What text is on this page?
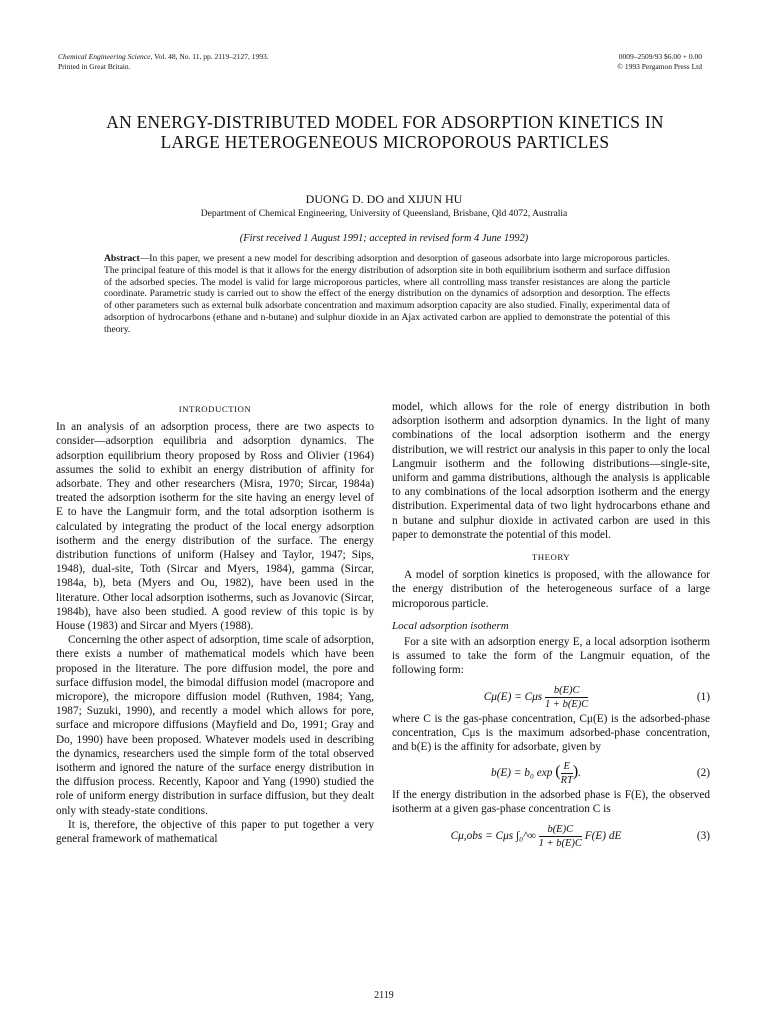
Chemical Engineering Science, Vol. 48, No. 11, pp. 2119–2127, 1993.
Printed in Great Britain.
0009–2509/93 $6.00 + 0.00
© 1993 Pergamon Press Ltd
AN ENERGY-DISTRIBUTED MODEL FOR ADSORPTION KINETICS IN LARGE HETEROGENEOUS MICROPOROUS PARTICLES
DUONG D. DO and XIJUN HU
Department of Chemical Engineering, University of Queensland, Brisbane, Qld 4072, Australia
(First received 1 August 1991; accepted in revised form 4 June 1992)

Abstract—In this paper, we present a new model for describing adsorption and desorption of gaseous adsorbate into large microporous particles. The principal feature of this model is that it allows for the energy distribution of adsorption site in both equilibrium isotherm and surface diffusion of the adsorbed species. The model is valid for large microporous particles, where all controlling mass transfer resistances are along the particle coordinate. Parametric study is carried out to show the effect of the energy distribution on the dynamics of adsorption and desorption. The effects of other parameters such as external bulk adsorbate concentration and maximum adsorption capacity are also studied. Finally, experimental data of adsorption of hydrocarbons (ethane and n-butane) and sulphur dioxide in an Ajax activated carbon are applied to demonstrate the potential of this theory.

INTRODUCTION

In an analysis of an adsorption process, there are two aspects to consider—adsorption equilibria and adsorption dynamics. The adsorption equilibrium theory proposed by Ross and Olivier (1964) assumes the solid to exhibit an energy distribution of affinity for adsorbate. They and other researchers (Misra, 1970; Sircar, 1984a) treated the adsorption isotherm for the site having an energy level of E to have the Langmuir form, and the total adsorption isotherm is calculated by integrating the product of the local energy adsorption isotherm and the energy distribution of the surface. The energy distribution functions of uniform (Halsey and Taylor, 1947; Sips, 1948), dual-site, Toth (Sircar and Myers, 1984), gamma (Sircar, 1984a, b), beta (Myers and Ou, 1982), have been used in the literature. Other local adsorption isotherms, such as Jovanovic (Sircar, 1984b), have also been studied. A good review of this topic is by House (1983) and Sircar and Myers (1988).

Concerning the other aspect of adsorption, time scale of adsorption, there exists a number of mathematical models which have been proposed in the literature. The pore diffusion model, the pore and surface diffusion model, the bimodal diffusion model (macropore and micropore), the micropore diffusion model (Ruthven, 1984; Yang, 1987; Suzuki, 1990), and recently a model which allows for pore, surface and micropore diffusions (Mayfield and Do, 1991; Gray and Do, 1990) have been proposed. Whatever models used in describing the dynamics, researchers used the simple form of the total observed isotherm and ignored the nature of the surface energy distribution in the diffusion process. Recently, Kapoor and Yang (1990) studied the role of uniform energy distribution in surface diffusion, but they dealt only with steady-state conditions.

It is, therefore, the objective of this paper to put together a very general framework of mathematical

model, which allows for the role of energy distribution in both adsorption isotherm and adsorption dynamics. In the light of many combinations of the local adsorption isotherm and the energy distribution, we will restrict our analysis in this paper to only the local Langmuir isotherm and the following distributions—single-site, uniform and gamma distributions, although the analysis is applicable to any combinations of the local adsorption isotherm and the energy distribution. Experimental data of two light hydrocarbons ethane and n butane and sulphur dioxide in activated carbon are used in this paper to demonstrate the potential of this model.

THEORY

A model of sorption kinetics is proposed, with the allowance for the energy distribution of the heterogeneous surface of a large microporous particle.

Local adsorption isotherm

For a site with an adsorption energy E, a local adsorption isotherm is assumed to take the form of the Langmuir equation, of the following form:

Cμ(E) = Cμs $\frac{b(E)C}{1 + b(E)C}$	(1)

where C is the gas-phase concentration, Cμ(E) is the adsorbed-phase concentration, Cμs is the maximum adsorbed-phase concentration, and b(E) is the affinity for adsorbate, given by

b(E) = b₀ exp ( $\frac{E}{RT}$ ).	(2)

If the energy distribution in the adsorbed phase is F(E), the observed isotherm at a given gas-phase concentration C is

Cμ,obs = Cμs ∫₀^∞ $\frac{b(E)C}{1 + b(E)C} F(E)$ dE	(3)
2119
